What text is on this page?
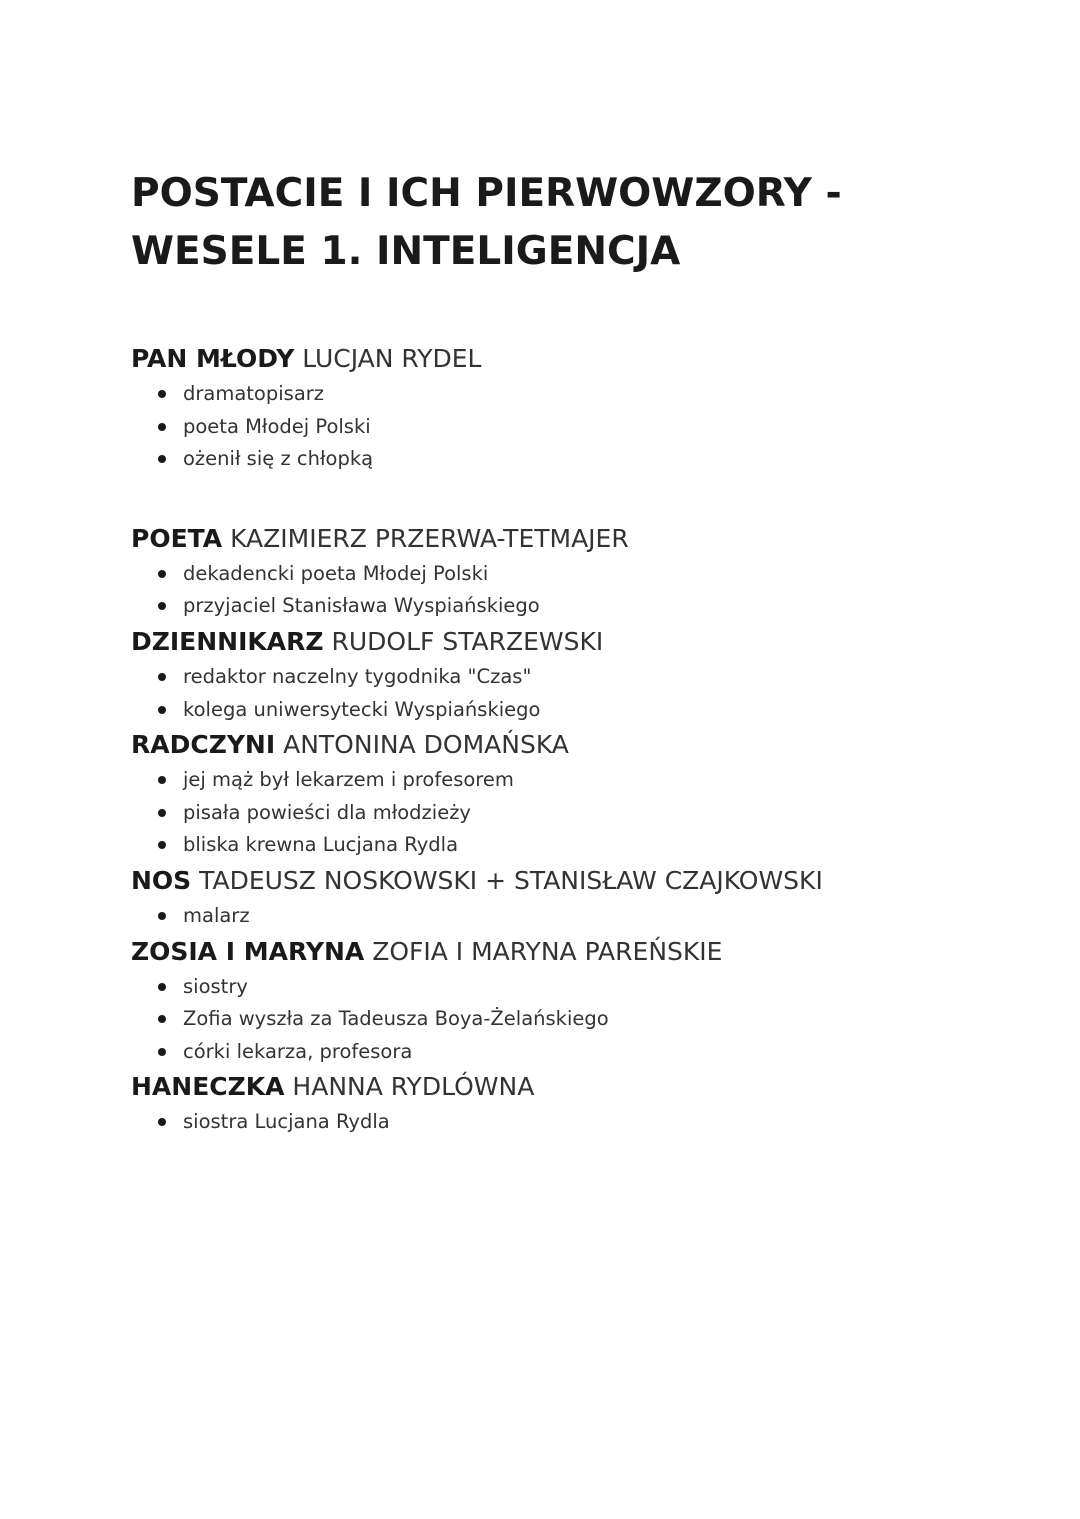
POSTACIE I ICH PIERWOWZORY -
WESELE 1. INTELIGENCJA
PAN MŁODY LUCJAN RYDEL
dramatopisarz
poeta Młodej Polski
ożenił się z chłopką
POETA KAZIMIERZ PRZERWA-TETMAJER
dekadencki poeta Młodej Polski
przyjaciel Stanisława Wyspiańskiego
DZIENNIKARZ RUDOLF STARZEWSKI
redaktor naczelny tygodnika "Czas"
kolega uniwersytecki Wyspiańskiego
RADCZYNI ANTONINA DOMAŃSKA
jej mąż był lekarzem i profesorem
pisała powieści dla młodzieży
bliska krewna Lucjana Rydla
NOS TADEUSZ NOSKOWSKI + STANISŁAW CZAJKOWSKI
malarz
ZOSIA I MARYNA ZOFIA I MARYNA PAREŃSKIE
siostry
Zofia wyszła za Tadeusza Boya-Żelańskiego
córki lekarza, profesora
HANECZKA HANNA RYDLÓWNA
siostra Lucjana Rydla
